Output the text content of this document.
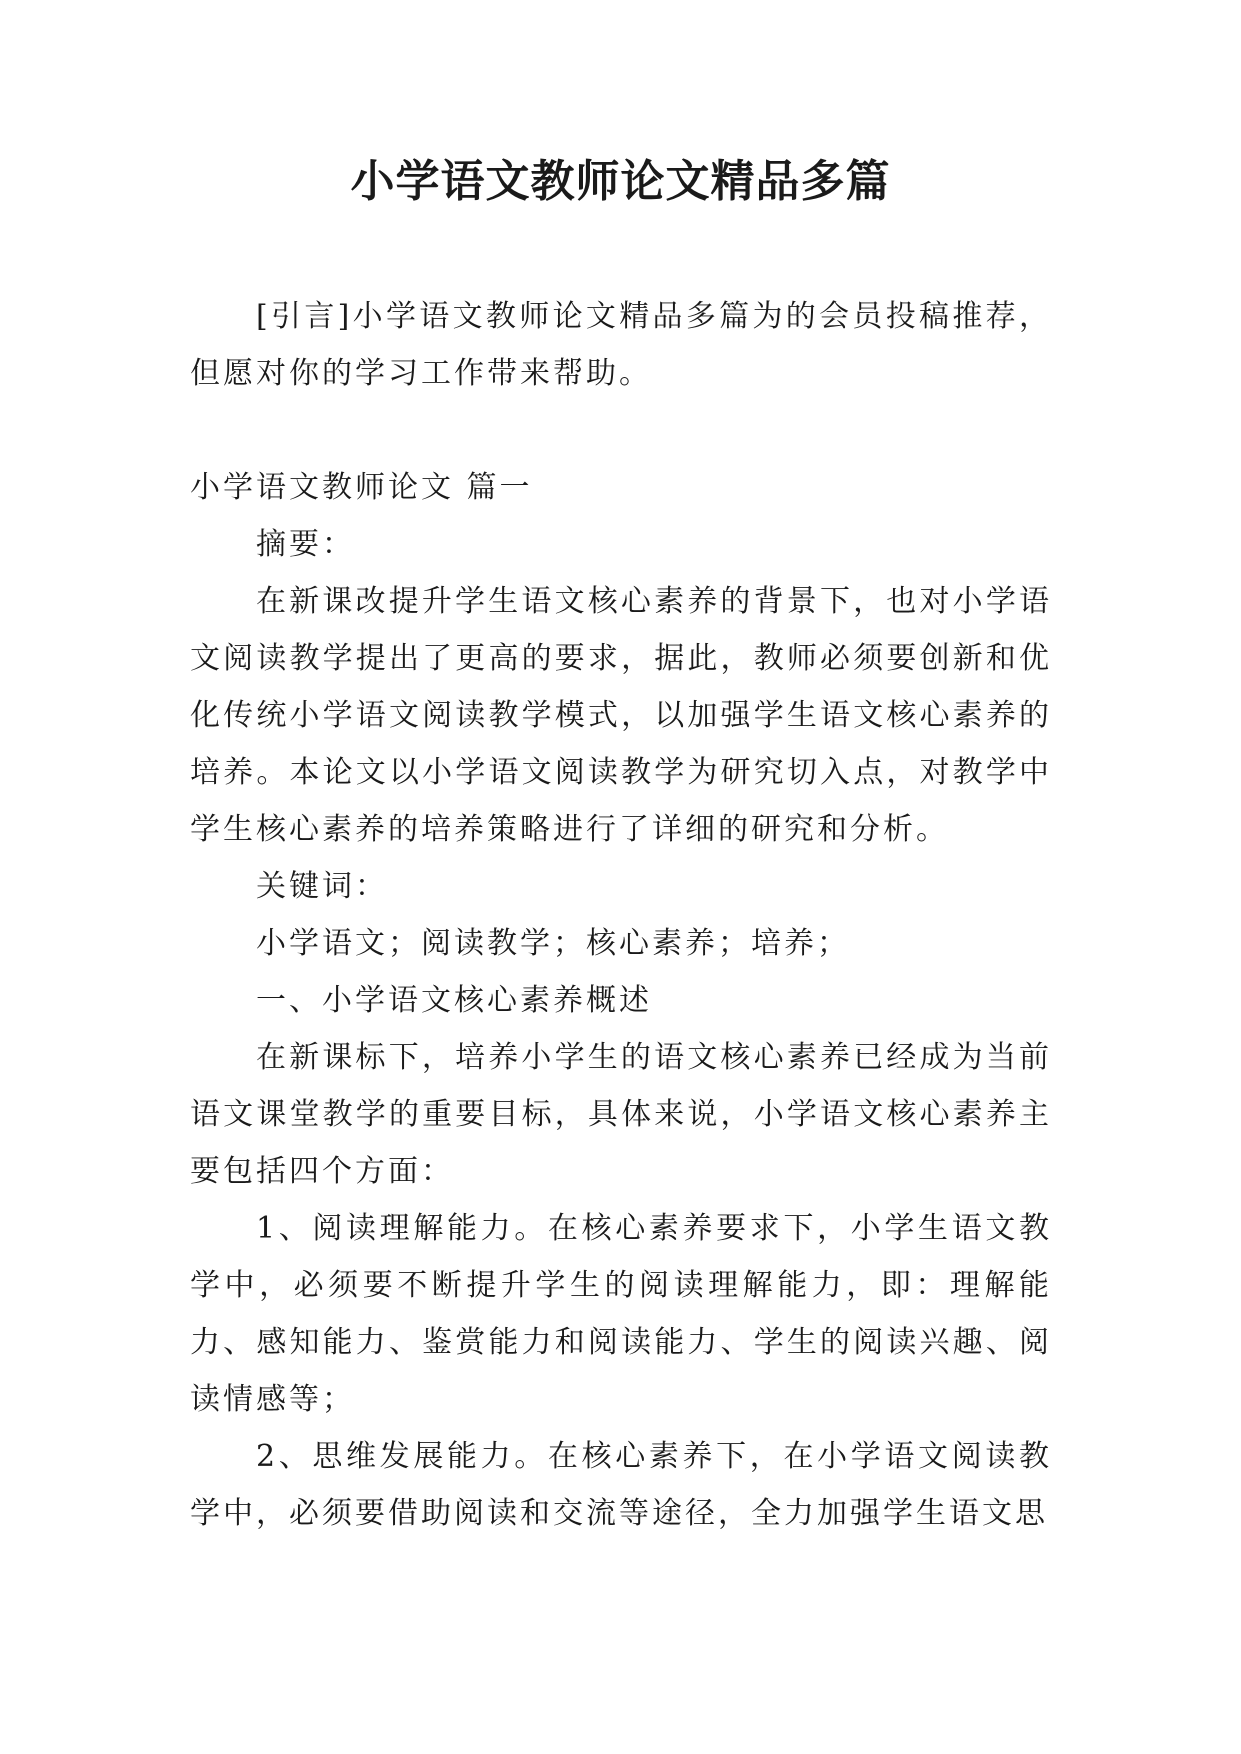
小学语文教师论文精品多篇

[引言]小学语文教师论文精品多篇为的会员投稿推荐，但愿对你的学习工作带来帮助。

小学语文教师论文 篇一

摘要：

在新课改提升学生语文核心素养的背景下，也对小学语文阅读教学提出了更高的要求，据此，教师必须要创新和优化传统小学语文阅读教学模式，以加强学生语文核心素养的培养。本论文以小学语文阅读教学为研究切入点，对教学中学生核心素养的培养策略进行了详细的研究和分析。

关键词：

小学语文；阅读教学；核心素养；培养；

一、小学语文核心素养概述

在新课标下，培养小学生的语文核心素养已经成为当前语文课堂教学的重要目标，具体来说，小学语文核心素养主要包括四个方面：

1、阅读理解能力。在核心素养要求下，小学生语文教学中，必须要不断提升学生的阅读理解能力，即：理解能力、感知能力、鉴赏能力和阅读能力、学生的阅读兴趣、阅读情感等；

2、思维发展能力。在核心素养下，在小学语文阅读教学中，必须要借助阅读和交流等途径，全力加强学生语文思
